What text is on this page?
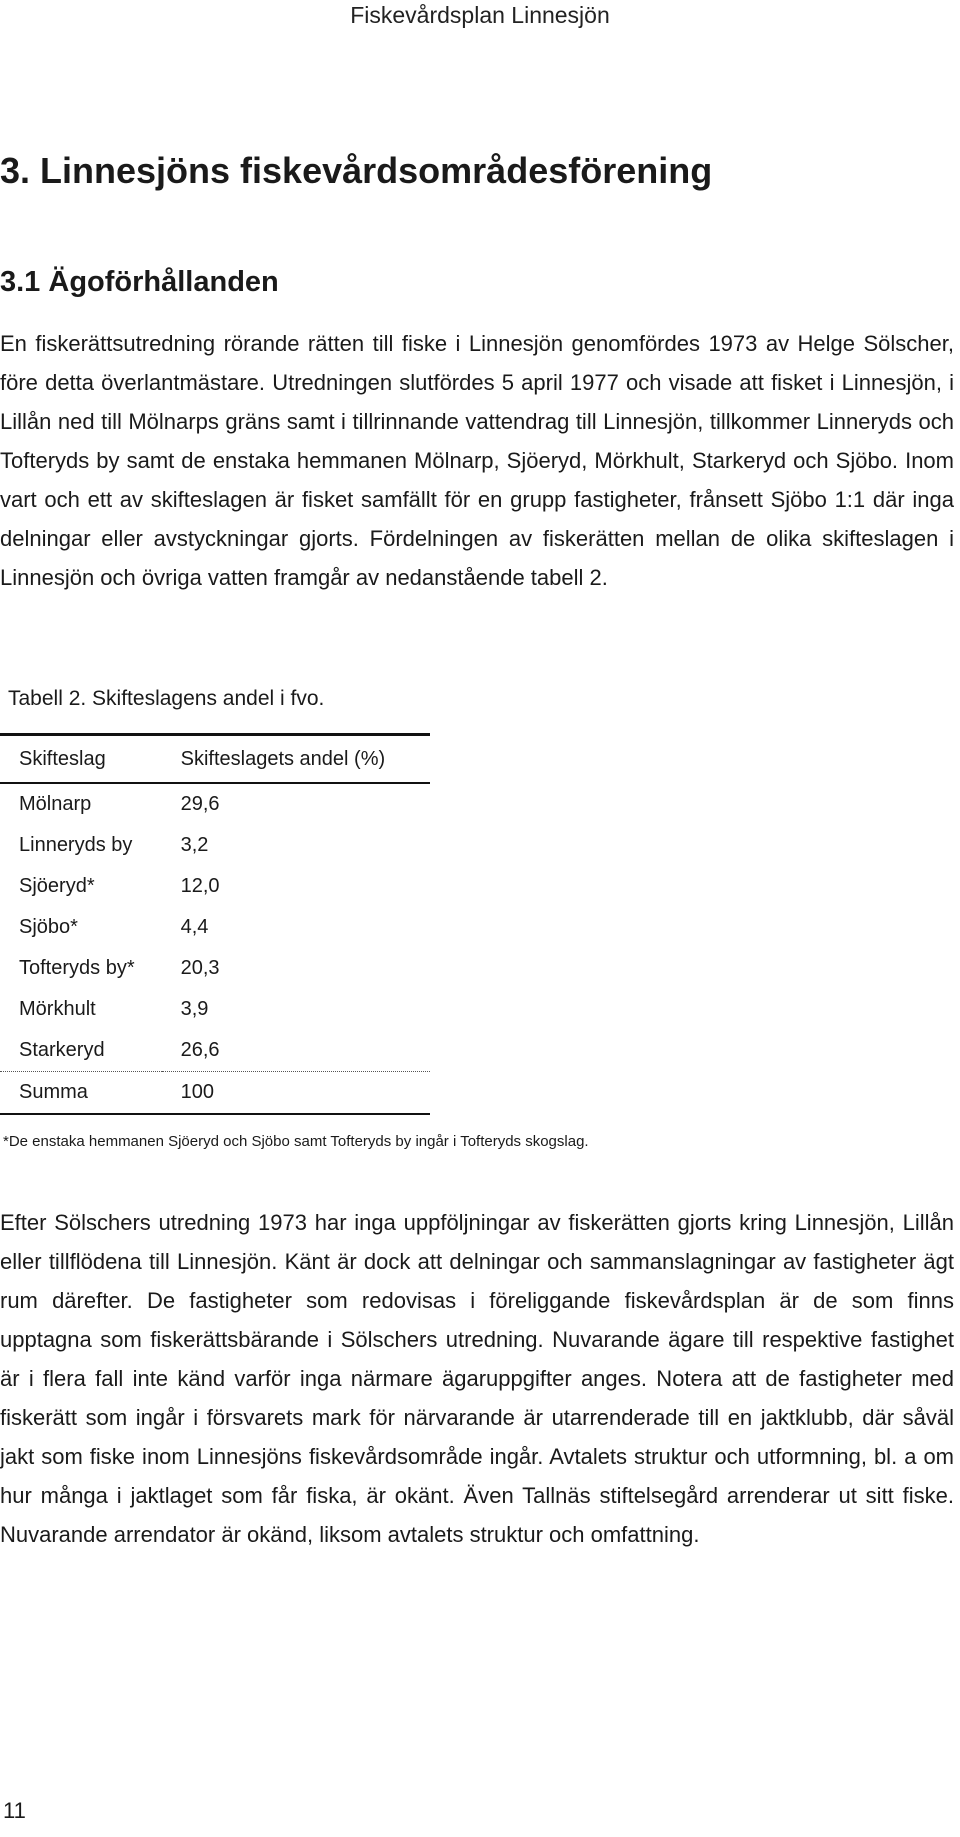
Fiskevårdsplan Linnesjön
3. Linnesjöns fiskevårdsområdesförening
3.1 Ägoförhållanden

En fiskerättsutredning rörande rätten till fiske i Linnesjön genomfördes 1973 av Helge Sölscher, före detta överlantmästare. Utredningen slutfördes 5 april 1977 och visade att fisket i Linnesjön, i Lillån ned till Mölnarps gräns samt i tillrinnande vattendrag till Linnesjön, tillkommer Linneryds och Tofteryds by samt de enstaka hemmanen Mölnarp, Sjöeryd, Mörkhult, Starkeryd och Sjöbo. Inom vart och ett av skifteslagen är fisket samfällt för en grupp fastigheter, frånsett Sjöbo 1:1 där inga delningar eller avstyckningar gjorts. Fördelningen av fiskerätten mellan de olika skifteslagen i Linnesjön och övriga vatten framgår av nedanstående tabell 2.

Tabell 2. Skifteslagens andel i fvo.
Skifteslag	Skifteslagets andel (%)
Mölnarp	29,6
Linneryds by	3,2
Sjöeryd*	12,0
Sjöbo*	4,4
Tofteryds by*	20,3
Mörkhult	3,9
Starkeryd	26,6
Summa	100
*De enstaka hemmanen Sjöeryd och Sjöbo samt Tofteryds by ingår i Tofteryds skogslag.

Efter Sölschers utredning 1973 har inga uppföljningar av fiskerätten gjorts kring Linnesjön, Lillån eller tillflödena till Linnesjön. Känt är dock att delningar och sammanslagningar av fastigheter ägt rum därefter. De fastigheter som redovisas i föreliggande fiskevårdsplan är de som finns upptagna som fiskerättsbärande i Sölschers utredning. Nuvarande ägare till respektive fastighet är i flera fall inte känd varför inga närmare ägaruppgifter anges. Notera att de fastigheter med fiskerätt som ingår i försvarets mark för närvarande är utarrenderade till en jaktklubb, där såväl jakt som fiske inom Linnesjöns fiskevårdsområde ingår. Avtalets struktur och utformning, bl. a om hur många i jaktlaget som får fiska, är okänt. Även Tallnäs stiftelsegård arrenderar ut sitt fiske. Nuvarande arrendator är okänd, liksom avtalets struktur och omfattning.

11
